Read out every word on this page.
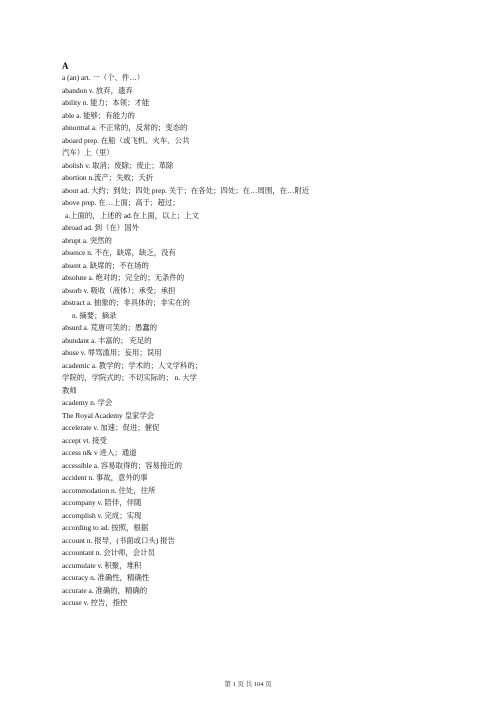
A
a (an) art. 一（个、件…）
abandon v. 放弃，遗弃
ability n. 能力；本领；才能
able a. 能够；有能力的
abnormal a. 不正常的，反常的；变态的
aboard prep. 在船（或飞机、火车、公共
汽车）上（里）
abolish v. 取消；废除；废止；革除
abortion n.流产；失败；夭折
about ad. 大约；到处；四处 prep. 关于；在各处；四处；在…周围，在…附近
above prep. 在…上面；高于；超过；
a.上面的，上述的 ad.在上面，以上；上文
abroad ad. 到（在）国外
abrupt a. 突然的
absence n. 不在，缺席，缺乏，没有
absent a. 缺席的；不在场的
absolute a. 绝对的；完全的；无条件的
absorb v. 吸收（液体）；承受；承担
abstract a. 抽象的；非具体的；非实在的
n. 摘要；摘录
absurd a. 荒唐可笑的；愚蠢的
abundant a. 丰富的； 充足的
abuse v. 辱骂滥用；妄用；误用
academic a. 教学的；学术的；人文学科的；
学院的，学院式的；不切实际的； n. 大学
教师
academy n. 学会
The Royal Academy 皇家学会
accelerate v. 加速；促进；催促
accept vt. 接受
access n& v 进入；通道
accessible a. 容易取得的；容易接近的
accident n. 事故，意外的事
accommodation n. 住处，住所
accompany v. 陪伴，伴随
accomplish v. 完成；实现
according to ad. 按照，根据
account n. 报导，(书面或口头) 报告
accountant n. 会计师，会计员
accumulate v. 积聚，堆积
accuracy n. 准确性，精确性
accurate a. 准确的，精确的
accuse v. 控告，指控
第 1 页 共 104 页
